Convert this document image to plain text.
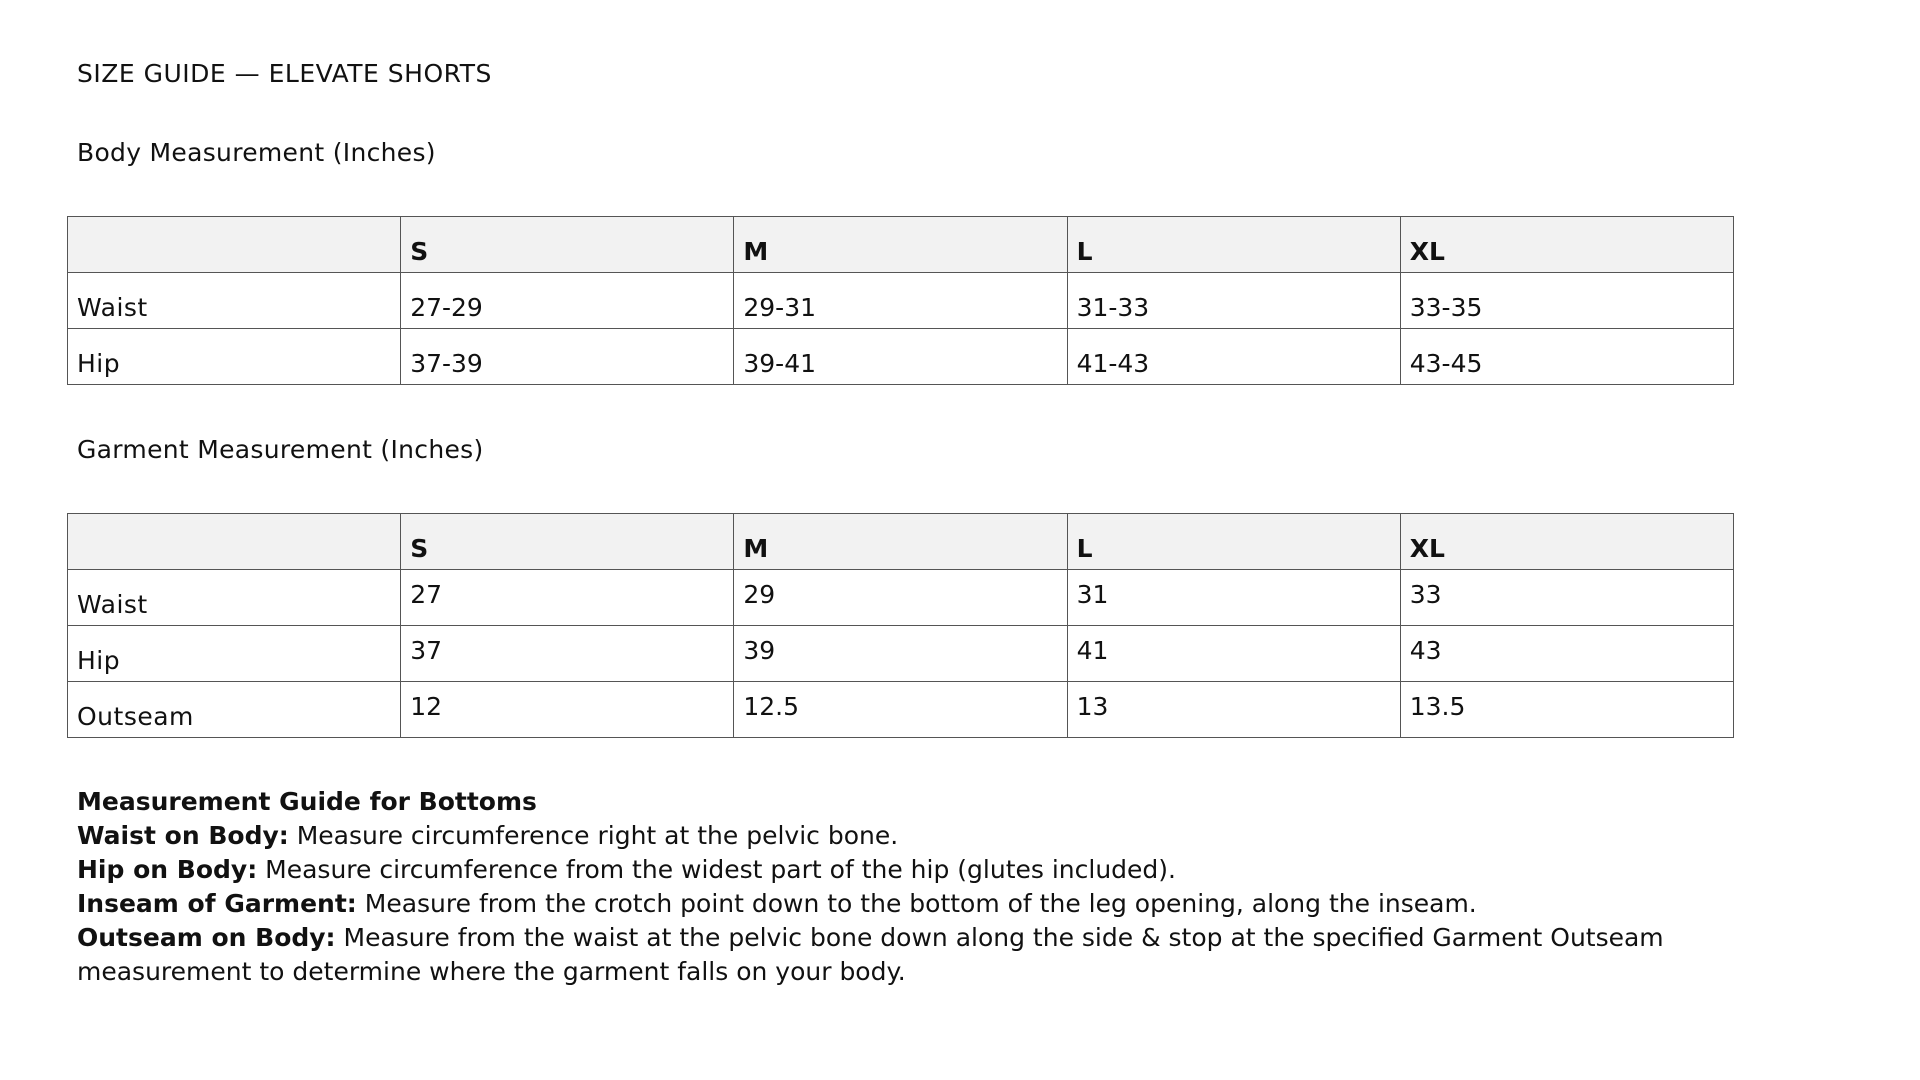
SIZE GUIDE — ELEVATE SHORTS
Body Measurement (Inches)
	S	M	L	XL
Waist	27-29	29-31	31-33	33-35
Hip	37-39	39-41	41-43	43-45
Garment Measurement (Inches)
	S	M	L	XL
Waist	27	29	31	33
Hip	37	39	41	43
Outseam	12	12.5	13	13.5

Measurement Guide for Bottoms

Waist on Body: Measure circumference right at the pelvic bone.

Hip on Body: Measure circumference from the widest part of the hip (glutes included).

Inseam of Garment: Measure from the crotch point down to the bottom of the leg opening, along the inseam.

Outseam on Body: Measure from the waist at the pelvic bone down along the side & stop at the specified Garment Outseam measurement to determine where the garment falls on your body.
